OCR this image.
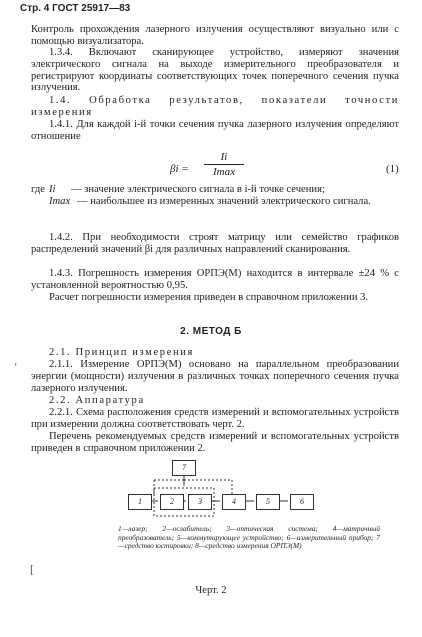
Стр. 4 ГОСТ 25917—83

Контроль прохождения лазерного излучения осуществляют визуально или с помощью визуализатора.

1.3.4. Включают сканирующее устройство, измеряют значения электрического сигнала на выходе измерительного преобразователя и регистрируют координаты соответствующих точек поперечного сечения пучка излучения.

1.4. Обработка результатов, показатели точности измерения

1.4.1. Для каждой i-й точки сечения пучка лазерного излучения определяют отношение

βi =
Ii
Imax	(1)
где Ii	— значение электрического сигнала в i-й точке сечения;
Imax — наибольшее из измеренных значений электрического сигнала.

1.4.2. При необходимости строят матрицу или семейство графиков распределений значений βi для различных направлений сканирования.

1.4.3. Погрешность измерения ОРПЭ(М) находится в интервале ±24 % с установленной вероятностью 0,95.

Расчет погрешности измерения приведен в справочном приложении 3.

2. МЕТОД Б

2.1. Принцип измерения

2.1.1. Измерение ОРПЭ(М) основано на параллельном преобразовании энергии (мощности) излучения в различных точках поперечного сечения пучка лазерного излучения.

2.2. Аппаратура

2.2.1. Схема расположения средств измерений и вспомогательных устройств при измерении должна соответствовать черт. 2.

Перечень рекомендуемых средств измерений и вспомогательных устройств приведен в справочном приложении 2.

‘
1	2	3	4	5	6
7
1—лазер; 2—ослабитель; 3—оптическая система; 4—матричный преобразователь; 5—коммутирующее устройство; 6—измерительный прибор; 7—средство юстировки; 8—средство измерения ОРПЭ(М)
[
Черт. 2
